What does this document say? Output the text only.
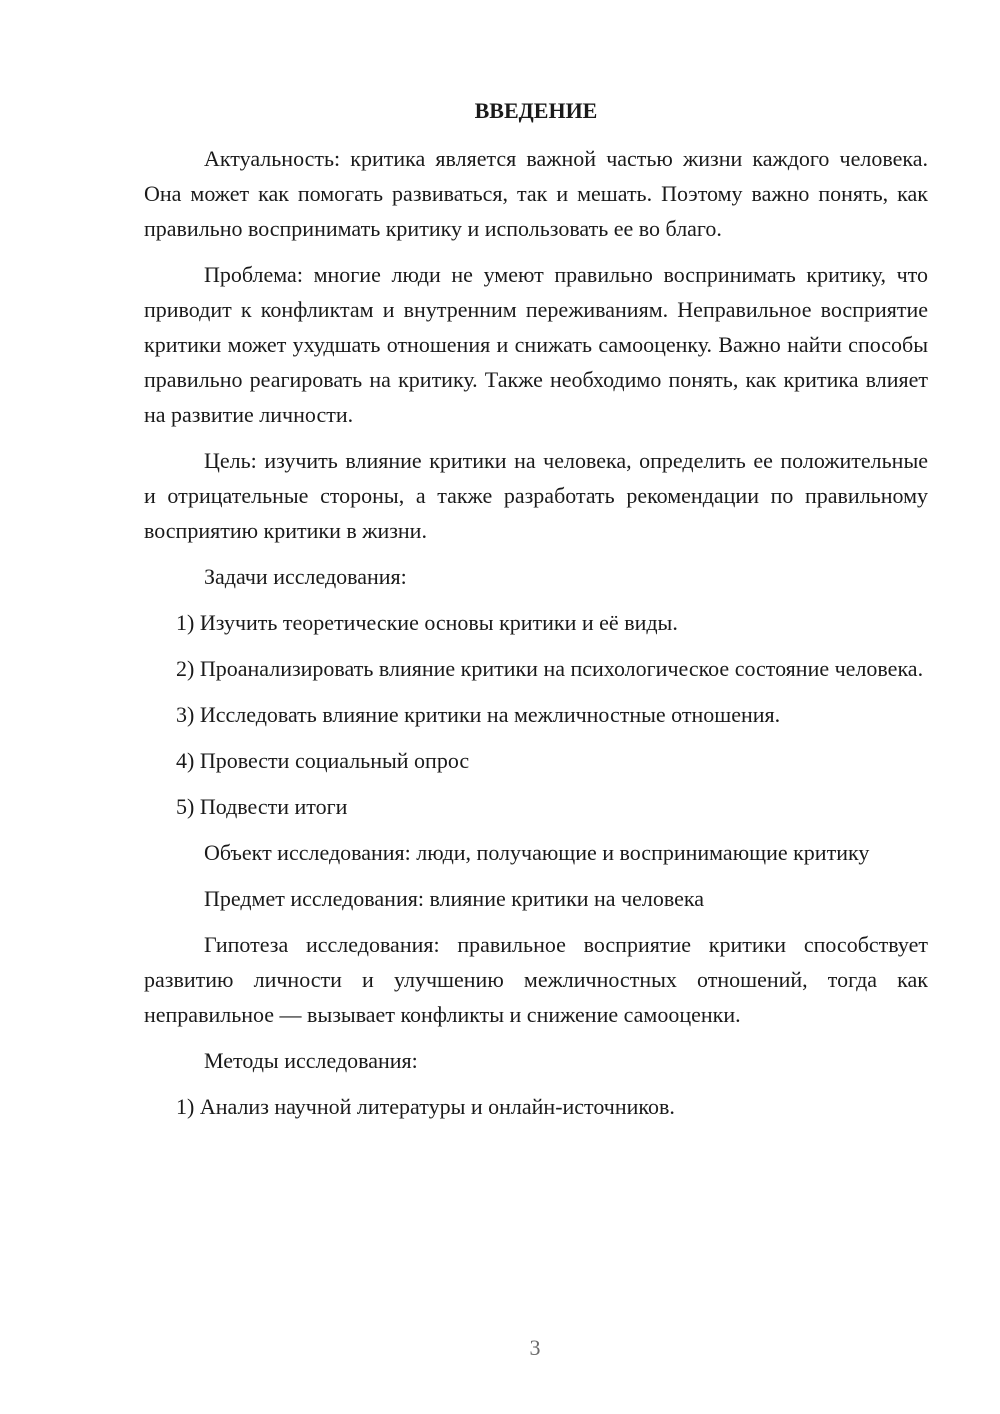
ВВЕДЕНИЕ

Актуальность: критика является важной частью жизни каждого человека. Она может как помогать развиваться, так и мешать. Поэтому важно понять, как правильно воспринимать критику и использовать ее во благо.

Проблема: многие люди не умеют правильно воспринимать критику, что приводит к конфликтам и внутренним переживаниям. Неправильное восприятие критики может ухудшать отношения и снижать самооценку. Важно найти способы правильно реагировать на критику. Также необходимо понять, как критика влияет на развитие личности.

Цель: изучить влияние критики на человека, определить ее положительные и отрицательные стороны, а также разработать рекомендации по правильному восприятию критики в жизни.

Задачи исследования:

1) Изучить теоретические основы критики и её виды.

2) Проанализировать влияние критики на психологическое состояние человека.

3) Исследовать влияние критики на межличностные отношения.

4) Провести социальный опрос

5) Подвести итоги

Объект исследования: люди, получающие и воспринимающие критику

Предмет исследования: влияние критики на человека

Гипотеза исследования: правильное восприятие критики способствует развитию личности и улучшению межличностных отношений, тогда как неправильное — вызывает конфликты и снижение самооценки.

Методы исследования:

1) Анализ научной литературы и онлайн-источников.

3
